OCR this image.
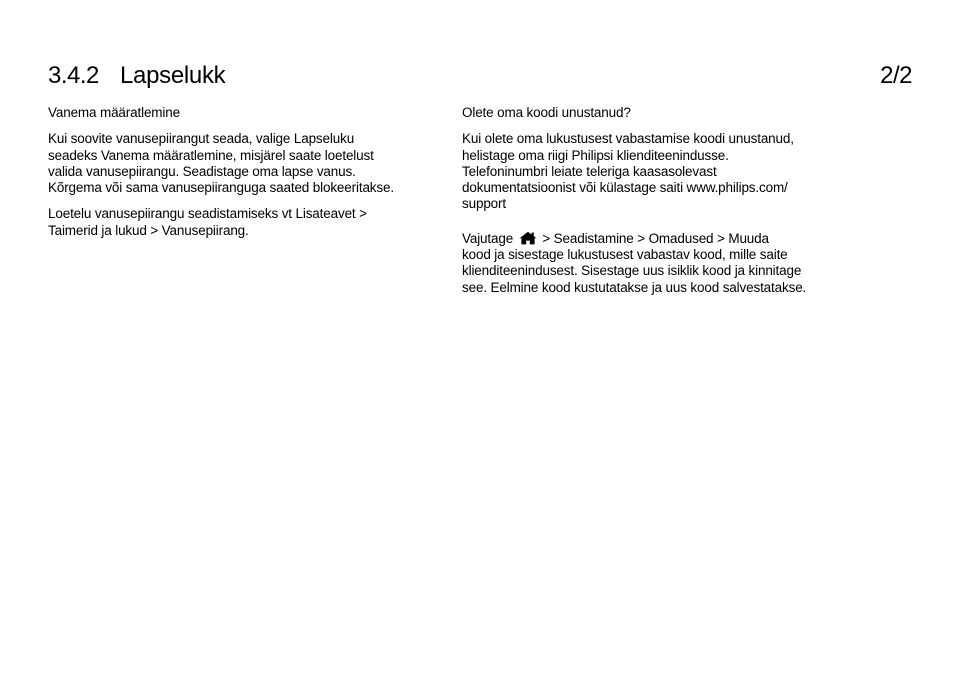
3.4.2 Lapselukk	2/2

Vanema määratlemine

Kui soovite vanusepiirangut seada, valige Lapseluku
seadeks Vanema määratlemine, misjärel saate loetelust
valida vanusepiirangu. Seadistage oma lapse vanus.
Kõrgema või sama vanusepiiranguga saated blokeeritakse.

Loetelu vanusepiirangu seadistamiseks vt Lisateavet >
Taimerid ja lukud > Vanusepiirang.

Olete oma koodi unustanud?

Kui olete oma lukustusest vabastamise koodi unustanud,
helistage oma riigi Philipsi klienditeenindusse.
Telefoninumbri leiate teleriga kaasasolevast
dokumentatsioonist või külastage saiti www.philips.com/
support

Vajutage > Seadistamine > Omadused > Muuda
kood ja sisestage lukustusest vabastav kood, mille saite
klienditeenindusest. Sisestage uus isiklik kood ja kinnitage
see. Eelmine kood kustutatakse ja uus kood salvestatakse.
